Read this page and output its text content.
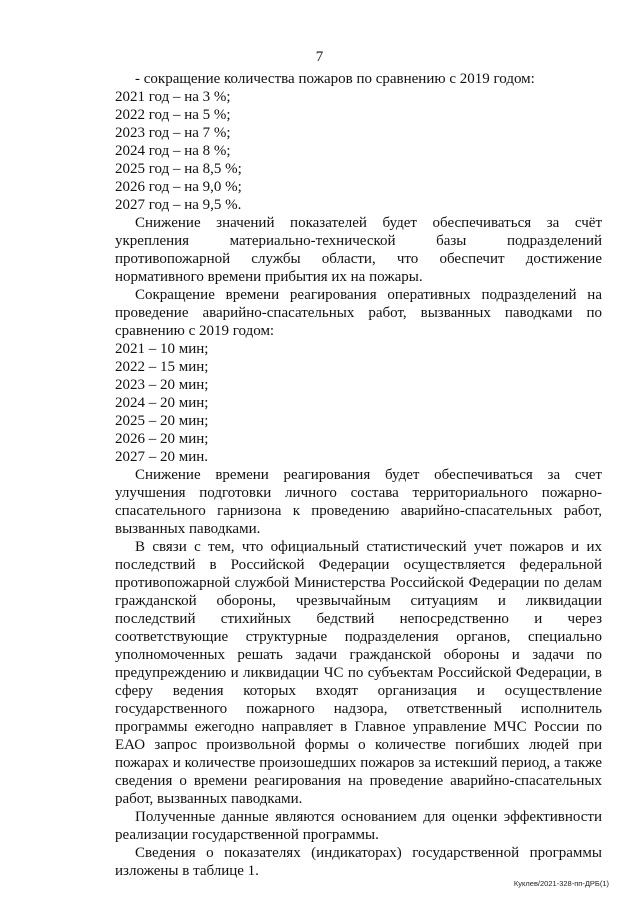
7

- сокращение количества пожаров по сравнению с 2019 годом:

2021 год – на 3 %;

2022 год – на 5 %;

2023 год – на 7 %;

2024 год – на 8 %;

2025 год – на 8,5 %;

2026 год – на 9,0 %;

2027 год – на 9,5 %.

Снижение значений показателей будет обеспечиваться за счёт укрепления материально-технической базы подразделений противопожарной службы области, что обеспечит достижение нормативного времени прибытия их на пожары.

Сокращение времени реагирования оперативных подразделений на проведение аварийно-спасательных работ, вызванных паводками по сравнению с 2019 годом:

2021 – 10 мин;

2022 – 15 мин;

2023 – 20 мин;

2024 – 20 мин;

2025 – 20 мин;

2026 – 20 мин;

2027 – 20 мин.

Снижение времени реагирования будет обеспечиваться за счет улучшения подготовки личного состава территориального пожарно-спасательного гарнизона к проведению аварийно-спасательных работ, вызванных паводками.

В связи с тем, что официальный статистический учет пожаров и их последствий в Российской Федерации осуществляется федеральной противопожарной службой Министерства Российской Федерации по делам гражданской обороны, чрезвычайным ситуациям и ликвидации последствий стихийных бедствий непосредственно и через соответствующие структурные подразделения органов, специально уполномоченных решать задачи гражданской обороны и задачи по предупреждению и ликвидации ЧС по субъектам Российской Федерации, в сферу ведения которых входят организация и осуществление государственного пожарного надзора, ответственный исполнитель программы ежегодно направляет в Главное управление МЧС России по ЕАО запрос произвольной формы о количестве погибших людей при пожарах и количестве произошедших пожаров за истекший период, а также сведения о времени реагирования на проведение аварийно-спасательных работ, вызванных паводками.

Полученные данные являются основанием для оценки эффективности реализации государственной программы.

Сведения о показателях (индикаторах) государственной программы изложены в таблице 1.

Куклев/2021-328-пп-ДРБ(1)
